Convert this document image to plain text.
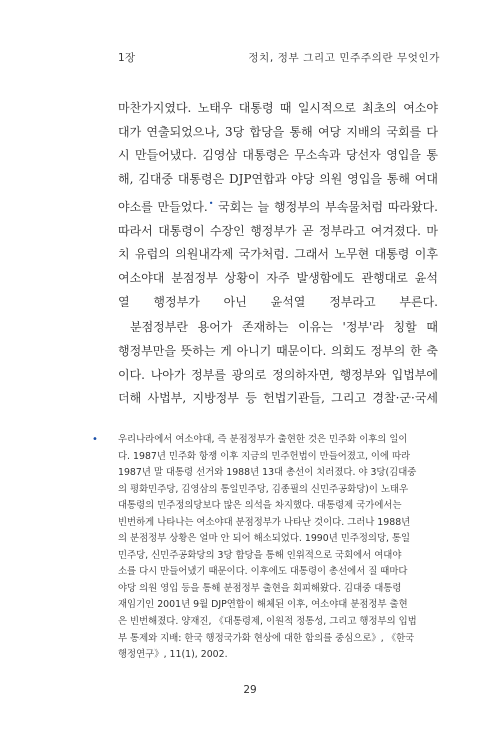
1장	정치, 정부 그리고 민주주의란 무엇인가
마찬가지였다. 노태우 대통령 때 일시적으로 최초의 여소야
대가 연출되었으나, 3당 합당을 통해 여당 지배의 국회를 다
시 만들어냈다. 김영삼 대통령은 무소속과 당선자 영입을 통
해, 김대중 대통령은 DJP연합과 야당 의원 영입을 통해 여대
야소를 만들었다.• 국회는 늘 행정부의 부속물처럼 따라왔다.
따라서 대통령이 수장인 행정부가 곧 정부라고 여겨졌다. 마
치 유럽의 의원내각제 국가처럼. 그래서 노무현 대통령 이후
여소야대 분점정부 상황이 자주 발생함에도 관행대로 윤석
열 행정부가 아닌 윤석열 정부라고 부른다.
분점정부란 용어가 존재하는 이유는 '정부'라 칭할 때
행정부만을 뜻하는 게 아니기 때문이다. 의회도 정부의 한 축
이다. 나아가 정부를 광의로 정의하자면, 행정부와 입법부에
더해 사법부, 지방정부 등 헌법기관들, 그리고 경찰·군·국세
• 우리나라에서 여소야대, 즉 분점정부가 출현한 것은 민주화 이후의 일이
다. 1987년 민주화 항쟁 이후 지금의 민주헌법이 만들어졌고, 이에 따라
1987년 말 대통령 선거와 1988년 13대 총선이 치러졌다. 야 3당(김대중
의 평화민주당, 김영삼의 통일민주당, 김종필의 신민주공화당)이 노태우
대통령의 민주정의당보다 많은 의석을 차지했다. 대통령제 국가에서는
빈번하게 나타나는 여소야대 분점정부가 나타난 것이다. 그러나 1988년
의 분점정부 상황은 얼마 안 되어 해소되었다. 1990년 민주정의당, 통일
민주당, 신민주공화당의 3당 합당을 통해 인위적으로 국회에서 여대야
소를 다시 만들어냈기 때문이다. 이후에도 대통령이 총선에서 질 때마다
야당 의원 영입 등을 통해 분점정부 출현을 회피해왔다. 김대중 대통령
재임기인 2001년 9월 DJP연합이 해체된 이후, 여소야대 분점정부 출현
은 빈번해졌다. 양재진, 《대통령제, 이원적 정통성, 그리고 행정부의 입법
부 통제와 지배: 한국 행정국가화 현상에 대한 함의를 중심으로》, 《한국
행정연구》, 11(1), 2002.
29
